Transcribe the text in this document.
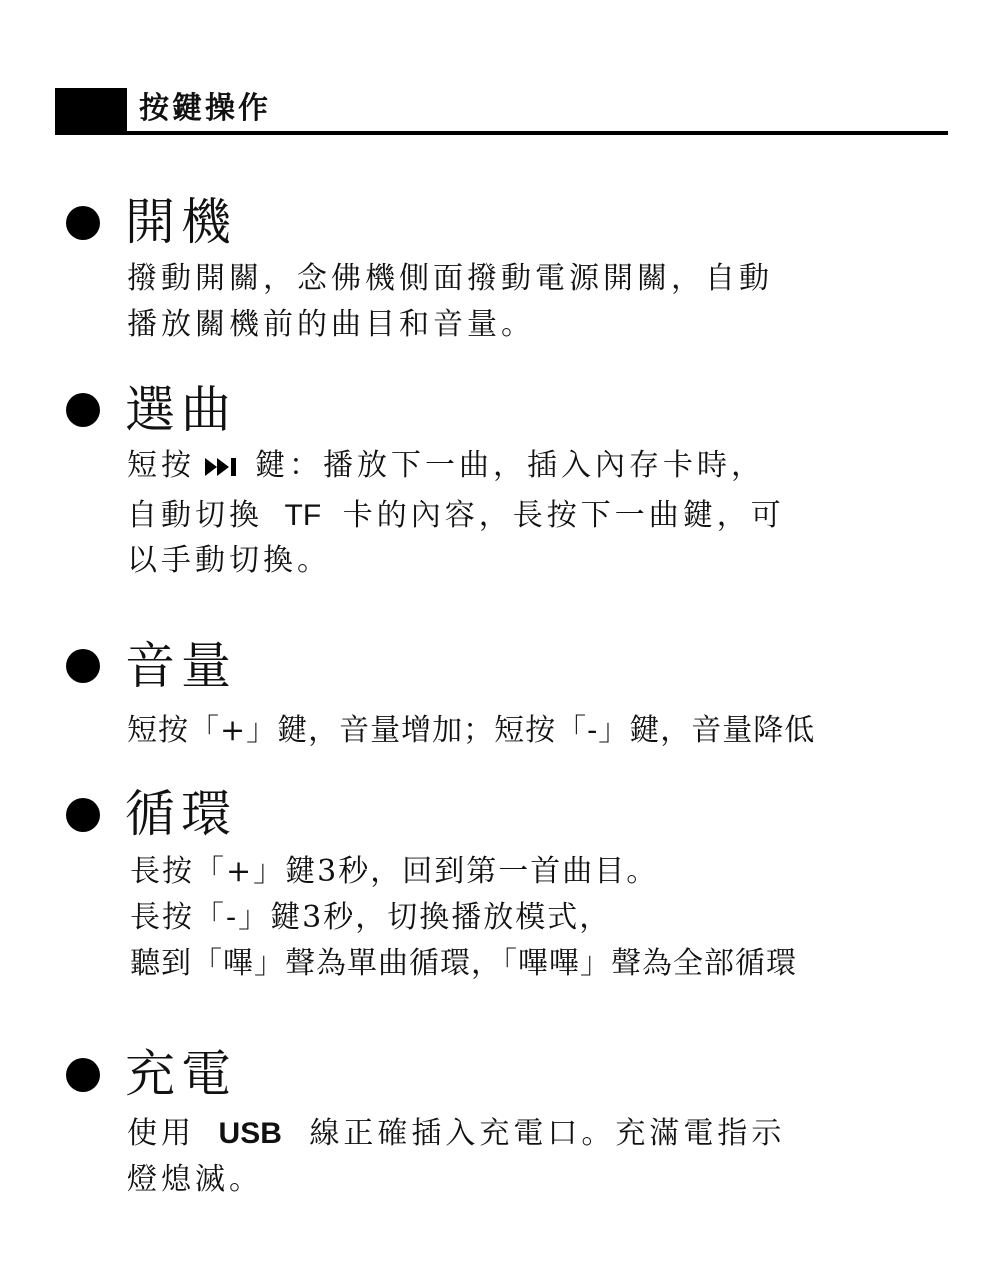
按鍵操作
開機
撥動開關，念佛機側面撥動電源開關，自動
播放關機前的曲目和音量。
選曲
短按 鍵：播放下一曲，插入內存卡時，
自動切換 TF 卡的內容，長按下一曲鍵，可
以手動切換。
音量
短按「+」鍵，音量增加；短按「-」鍵，音量降低
循環
長按「+」鍵3秒，回到第一首曲目。
長按「-」鍵3秒，切換播放模式，
聽到「嗶」聲為單曲循環，「嗶嗶」聲為全部循環
充電
使用 USB 線正確插入充電口。充滿電指示
燈熄滅。
